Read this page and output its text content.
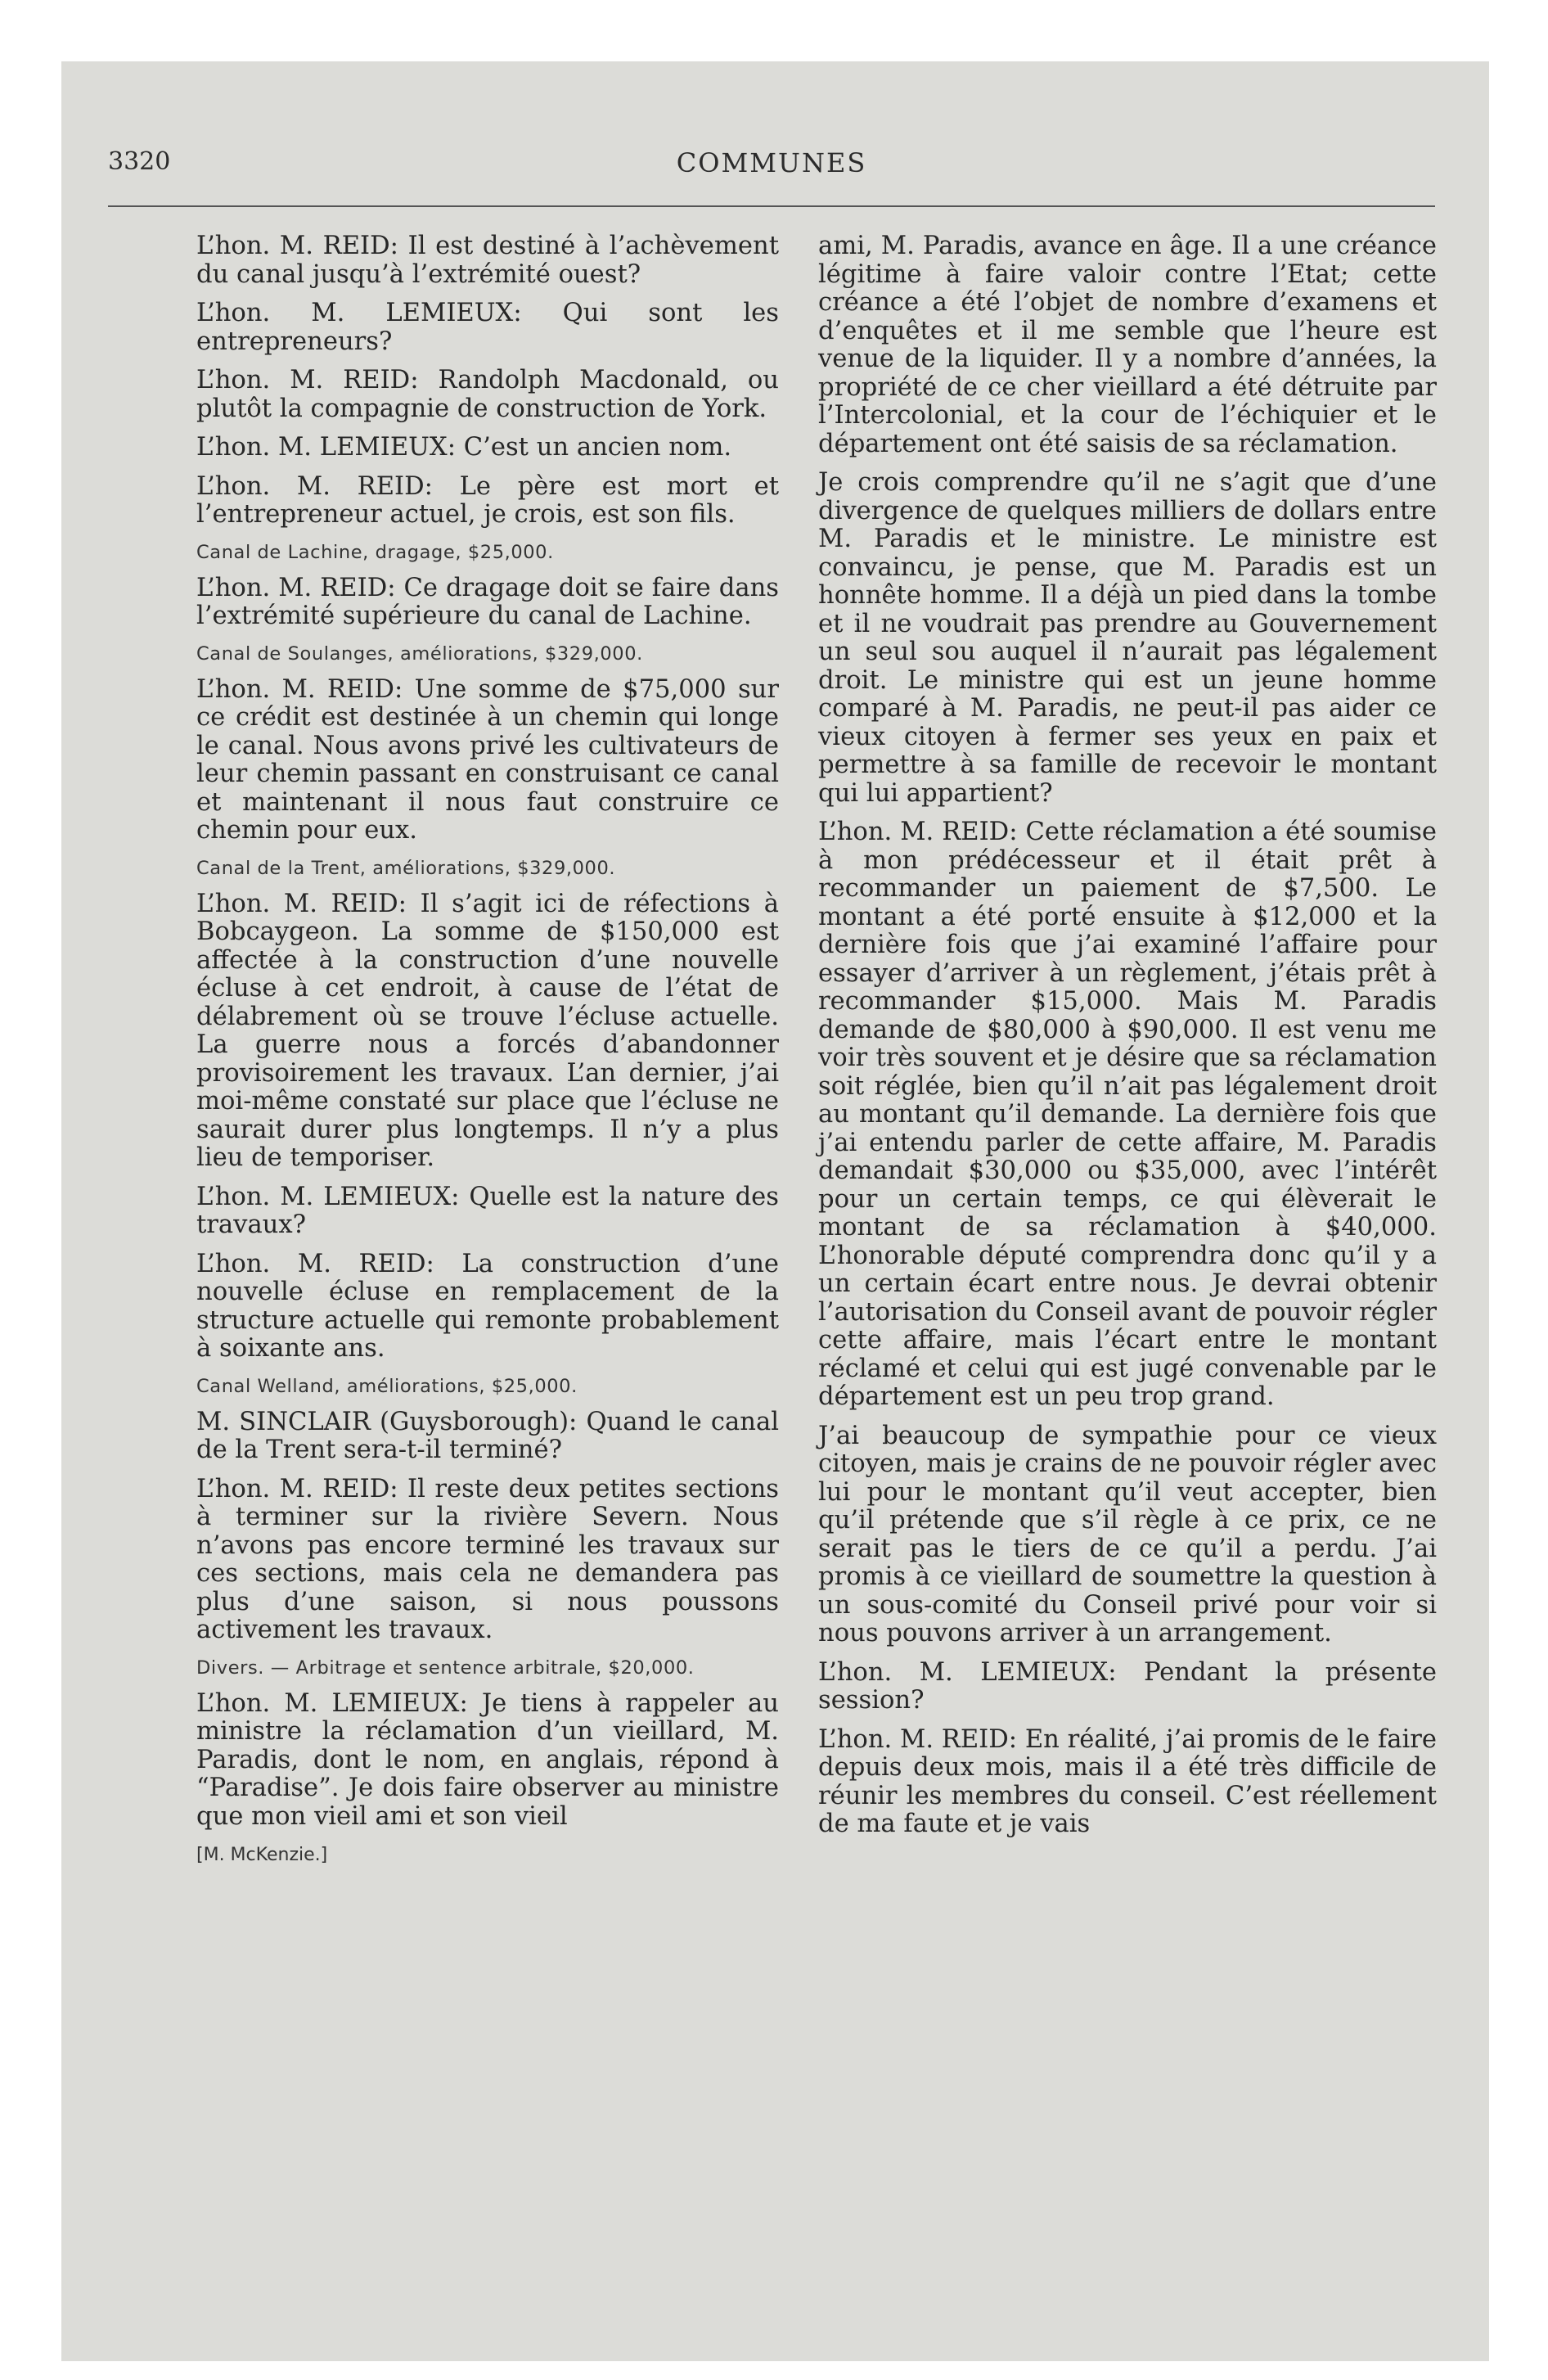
3320	COMMUNES

L’hon. M. REID: Il est destiné à l’achèvement du canal jusqu’à l’extrémité ouest?

L’hon. M. LEMIEUX: Qui sont les entrepreneurs?

L’hon. M. REID: Randolph Macdonald, ou plutôt la compagnie de construction de York.

L’hon. M. LEMIEUX: C’est un ancien nom.

L’hon. M. REID: Le père est mort et l’entrepreneur actuel, je crois, est son fils.

Canal de Lachine, dragage, $25,000.

L’hon. M. REID: Ce dragage doit se faire dans l’extrémité supérieure du canal de Lachine.

Canal de Soulanges, améliorations, $329,000.

L’hon. M. REID: Une somme de $75,000 sur ce crédit est destinée à un chemin qui longe le canal. Nous avons privé les cultivateurs de leur chemin passant en construisant ce canal et maintenant il nous faut construire ce chemin pour eux.

Canal de la Trent, améliorations, $329,000.

L’hon. M. REID: Il s’agit ici de réfections à Bobcaygeon. La somme de $150,000 est affectée à la construction d’une nouvelle écluse à cet endroit, à cause de l’état de délabrement où se trouve l’écluse actuelle. La guerre nous a forcés d’abandonner provisoirement les travaux. L’an dernier, j’ai moi-même constaté sur place que l’écluse ne saurait durer plus longtemps. Il n’y a plus lieu de temporiser.

L’hon. M. LEMIEUX: Quelle est la nature des travaux?

L’hon. M. REID: La construction d’une nouvelle écluse en remplacement de la structure actuelle qui remonte probablement à soixante ans.

Canal Welland, améliorations, $25,000.

M. SINCLAIR (Guysborough): Quand le canal de la Trent sera-t-il terminé?

L’hon. M. REID: Il reste deux petites sections à terminer sur la rivière Severn. Nous n’avons pas encore terminé les travaux sur ces sections, mais cela ne demandera pas plus d’une saison, si nous poussons activement les travaux.

Divers. — Arbitrage et sentence arbitrale, $20,000.

L’hon. M. LEMIEUX: Je tiens à rappeler au ministre la réclamation d’un vieillard, M. Paradis, dont le nom, en anglais, répond à “Paradise”. Je dois faire observer au ministre que mon vieil ami et son vieil

[M. McKenzie.]

ami, M. Paradis, avance en âge. Il a une créance légitime à faire valoir contre l’Etat; cette créance a été l’objet de nombre d’examens et d’enquêtes et il me semble que l’heure est venue de la liquider. Il y a nombre d’années, la propriété de ce cher vieillard a été détruite par l’Intercolonial, et la cour de l’échiquier et le département ont été saisis de sa réclamation.

Je crois comprendre qu’il ne s’agit que d’une divergence de quelques milliers de dollars entre M. Paradis et le ministre. Le ministre est convaincu, je pense, que M. Paradis est un honnête homme. Il a déjà un pied dans la tombe et il ne voudrait pas prendre au Gouvernement un seul sou auquel il n’aurait pas légalement droit. Le ministre qui est un jeune homme comparé à M. Paradis, ne peut-il pas aider ce vieux citoyen à fermer ses yeux en paix et permettre à sa famille de recevoir le montant qui lui appartient?

L’hon. M. REID: Cette réclamation a été soumise à mon prédécesseur et il était prêt à recommander un paiement de $7,500. Le montant a été porté ensuite à $12,000 et la dernière fois que j’ai examiné l’affaire pour essayer d’arriver à un règlement, j’étais prêt à recommander $15,000. Mais M. Paradis demande de $80,000 à $90,000. Il est venu me voir très souvent et je désire que sa réclamation soit réglée, bien qu’il n’ait pas légalement droit au montant qu’il demande. La dernière fois que j’ai entendu parler de cette affaire, M. Paradis demandait $30,000 ou $35,000, avec l’intérêt pour un certain temps, ce qui élèverait le montant de sa réclamation à $40,000. L’honorable député comprendra donc qu’il y a un certain écart entre nous. Je devrai obtenir l’autorisation du Conseil avant de pouvoir régler cette affaire, mais l’écart entre le montant réclamé et celui qui est jugé convenable par le département est un peu trop grand.

J’ai beaucoup de sympathie pour ce vieux citoyen, mais je crains de ne pouvoir régler avec lui pour le montant qu’il veut accepter, bien qu’il prétende que s’il règle à ce prix, ce ne serait pas le tiers de ce qu’il a perdu. J’ai promis à ce vieillard de soumettre la question à un sous-comité du Conseil privé pour voir si nous pouvons arriver à un arrangement.

L’hon. M. LEMIEUX: Pendant la présente session?

L’hon. M. REID: En réalité, j’ai promis de le faire depuis deux mois, mais il a été très difficile de réunir les membres du conseil. C’est réellement de ma faute et je vais
